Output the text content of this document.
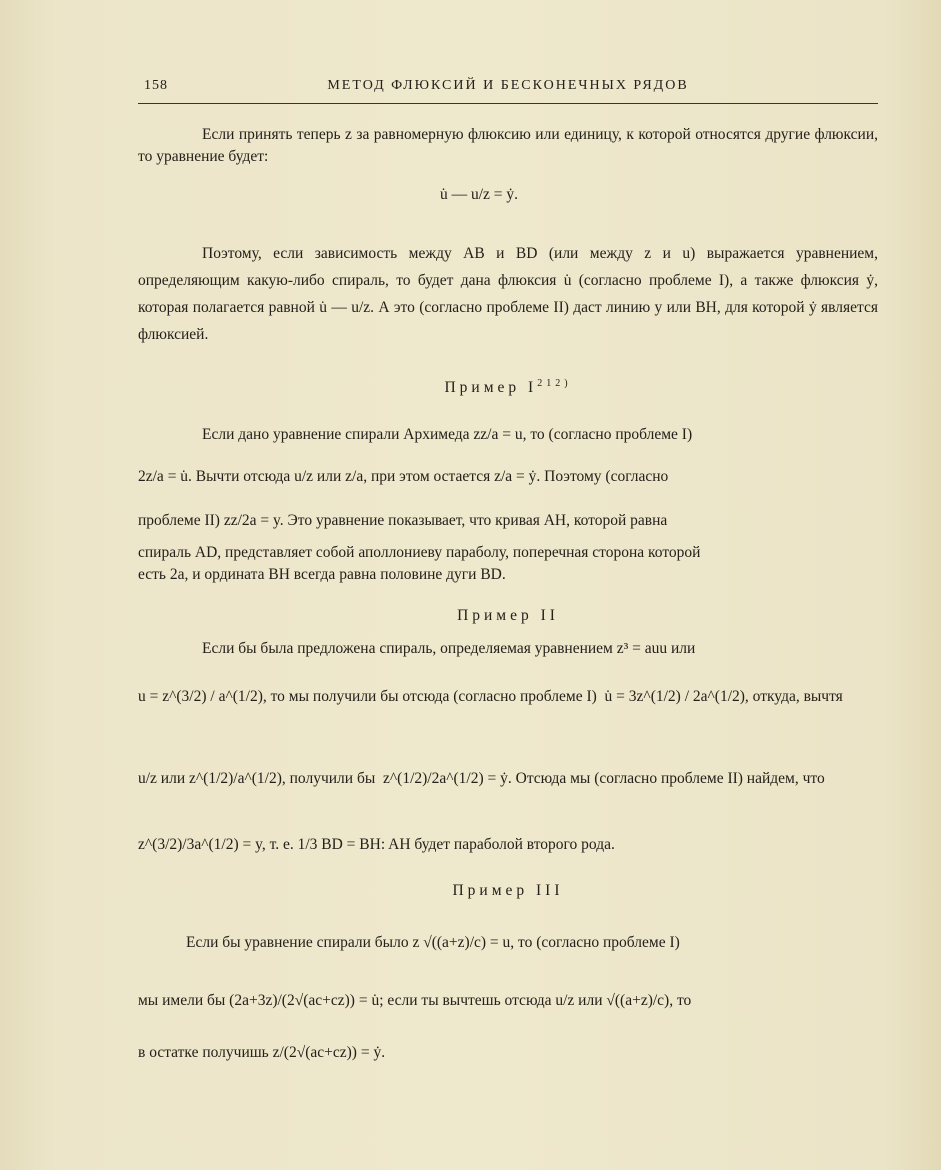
158	МЕТОД ФЛЮКСИЙ И БЕСКОНЕЧНЫХ РЯДОВ

Если принять теперь z за равномерную флюксию или единицу, к которой относятся другие флюксии, то уравнение будет:

u̇ — u/z = ẏ.

Поэтому, если зависимость между AB и BD (или между z и u) выражается уравнением, определяющим какую-либо спираль, то будет дана флюксия u̇ (согласно проблеме I), а также флюксия ẏ, которая полагается равной u̇ — u/z. А это (согласно проблеме II) даст линию y или BH, для которой ẏ является флюксией.

Пример $I^{212)}$
Если дано уравнение спирали Архимеда zz/a = u, то (согласно проблеме I)
2z/a = u̇. Вычти отсюда u/z или z/a, при этом остается z/a = ẏ. Поэтому (согласно
проблеме II) zz/2a = y. Это уравнение показывает, что кривая AH, которой равна
спираль AD, представляет собой аполлониеву параболу, поперечная сторона которой
есть 2a, и ордината BH всегда равна половине дуги BD.
Пример II
Если бы была предложена спираль, определяемая уравнением z³ = auu или
u = z^(3/2) / a^(1/2), то мы получили бы отсюда (согласно проблеме I) u̇ = 3z^(1/2) / 2a^(1/2), откуда, вычтя
u/z или z^(1/2)/a^(1/2), получили бы z^(1/2)/2a^(1/2) = ẏ. Отсюда мы (согласно проблеме II) найдем, что
z^(3/2)/3a^(1/2) = y, т. е. 1/3 BD = BH: AH будет параболой второго рода.
Пример III
Если бы уравнение спирали было z √((a+z)/c) = u, то (согласно проблеме I)
мы имели бы (2a+3z)/(2√(ac+cz)) = u̇; если ты вычтешь отсюда u/z или √((a+z)/c), то
в остатке получишь z/(2√(ac+cz)) = ẏ.
